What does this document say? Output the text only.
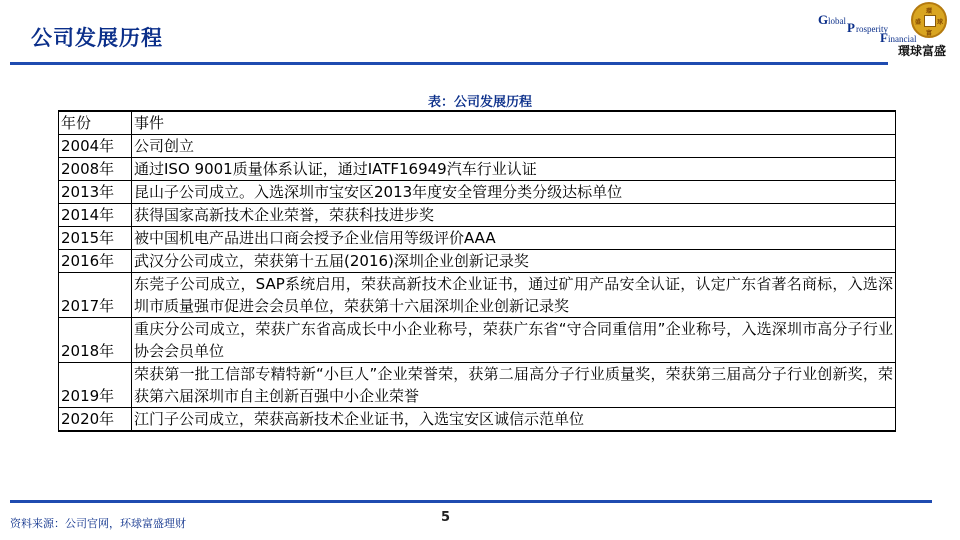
公司发展历程
G lobal P rosperity
F inancial
環
球
富
盛
環球富盛
表：公司发展历程
年份	事件
2004年	公司创立
2008年	通过ISO 9001质量体系认证，通过IATF16949汽车行业认证
2013年	昆山子公司成立。入选深圳市宝安区2013年度安全管理分类分级达标单位
2014年	获得国家高新技术企业荣誉，荣获科技进步奖
2015年	被中国机电产品进出口商会授予企业信用等级评价AAA
2016年	武汉分公司成立，荣获第十五届(2016)深圳企业创新记录奖
2017年	东莞子公司成立，SAP系统启用，荣获高新技术企业证书，通过矿用产品安全认证，认定广东省著名商标，入选深圳市质量强市促进会会员单位，荣获第十六届深圳企业创新记录奖
2018年	重庆分公司成立，荣获广东省高成长中小企业称号，荣获广东省“守合同重信用”企业称号，入选深圳市高分子行业协会会员单位
2019年	荣获第一批工信部专精特新“小巨人”企业荣誉荣，获第二届高分子行业质量奖，荣获第三届高分子行业创新奖，荣获第六届深圳市自主创新百强中小企业荣誉
2020年	江门子公司成立，荣获高新技术企业证书，入选宝安区诚信示范单位
资料来源：公司官网，环球富盛理财	5
